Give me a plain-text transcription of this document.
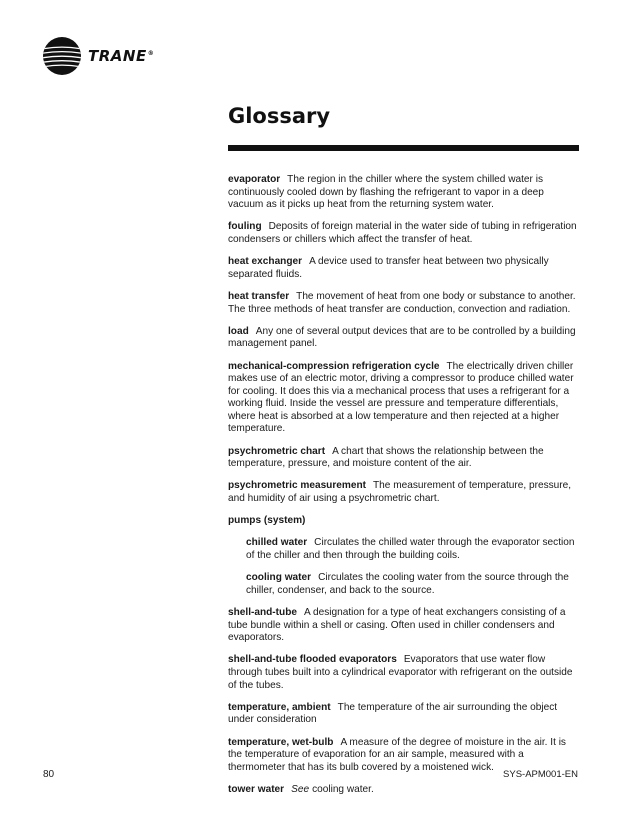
TRANE®
Glossary

evaporator The region in the chiller where the system chilled water is continuously cooled down by flashing the refrigerant to vapor in a deep vacuum as it picks up heat from the returning system water.

fouling Deposits of foreign material in the water side of tubing in refrigeration condensers or chillers which affect the transfer of heat.

heat exchanger A device used to transfer heat between two physically separated fluids.

heat transfer The movement of heat from one body or substance to another. The three methods of heat transfer are conduction, convection and radiation.

load Any one of several output devices that are to be controlled by a building management panel.

mechanical-compression refrigeration cycle The electrically driven chiller makes use of an electric motor, driving a compressor to produce chilled water for cooling. It does this via a mechanical process that uses a refrigerant for a working fluid. Inside the vessel are pressure and temperature differentials, where heat is absorbed at a low temperature and then rejected at a higher temperature.

psychrometric chart A chart that shows the relationship between the temperature, pressure, and moisture content of the air.

psychrometric measurement The measurement of temperature, pressure, and humidity of air using a psychrometric chart.

pumps (system)

chilled water Circulates the chilled water through the evaporator section of the chiller and then through the building coils.

cooling water Circulates the cooling water from the source through the chiller, condenser, and back to the source.

shell-and-tube A designation for a type of heat exchangers consisting of a tube bundle within a shell or casing. Often used in chiller condensers and evaporators.

shell-and-tube flooded evaporators Evaporators that use water flow through tubes built into a cylindrical evaporator with refrigerant on the outside of the tubes.

temperature, ambient The temperature of the air surrounding the object under consideration

temperature, wet-bulb A measure of the degree of moisture in the air. It is the temperature of evaporation for an air sample, measured with a thermometer that has its bulb covered by a moistened wick.

tower water See cooling water.

80	SYS-APM001-EN
